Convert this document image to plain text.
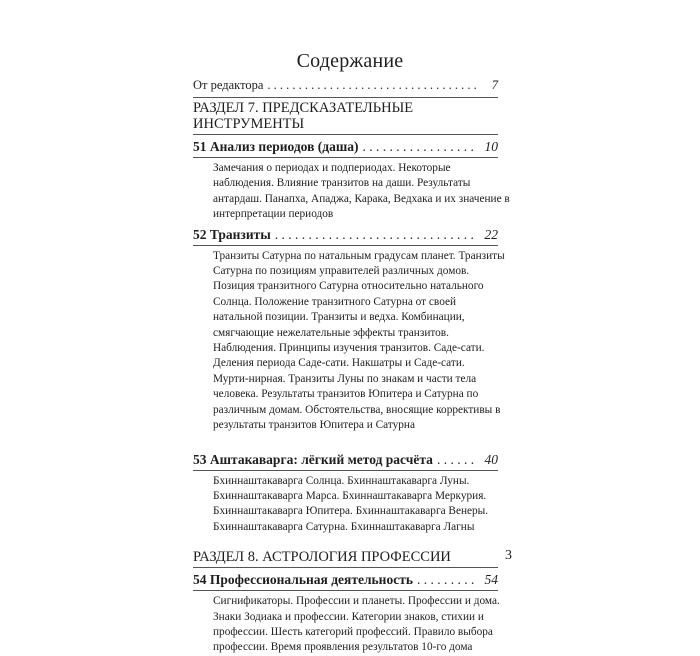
Содержание
От редактора . . .	7
РАЗДЕЛ 7. ПРЕДСКАЗАТЕЛЬНЫЕ
ИНСТРУМЕНТЫ
51 Анализ периодов (даша) . . .	10
Замечания о периодах и подпериодах. Некоторые
наблюдения. Влияние транзитов на даши. Результаты
антардаш. Панапха, Ападжа, Карака, Ведхака и их значение в
интерпретации периодов
52 Транзиты . . .	22
Транзиты Сатурна по натальным градусам планет. Транзиты
Сатурна по позициям управителей различных домов.
Позиция транзитного Сатурна относительно натального
Солнца. Положение транзитного Сатурна от своей
натальной позиции. Транзиты и ведха. Комбинации,
смягчающие нежелательные эффекты транзитов.
Наблюдения. Принципы изучения транзитов. Саде-сати.
Деления периода Саде-сати. Накшатры и Саде-сати.
Мурти-нирная. Транзиты Луны по знакам и части тела
человека. Результаты транзитов Юпитера и Сатурна по
различным домам. Обстоятельства, вносящие коррективы в
результаты транзитов Юпитера и Сатурна
53 Аштакаварга: лёгкий метод расчёта . . .	40
Бхиннаштакаварга Солнца. Бхиннаштакаварга Луны.
Бхиннаштакаварга Марса. Бхиннаштакаварга Меркурия.
Бхиннаштакаварга Юпитера. Бхиннаштакаварга Венеры.
Бхиннаштакаварга Сатурна. Бхиннаштакаварга Лагны
РАЗДЕЛ 8. АСТРОЛОГИЯ ПРОФЕССИИ
54 Профессиональная деятельность . . .	54
Сигнификаторы. Профессии и планеты. Профессии и дома.
Знаки Зодиака и профессии. Категории знаков, стихии и
профессии. Шесть категорий профессий. Правило выбора
профессии. Время проявления результатов 10-го дома
3
